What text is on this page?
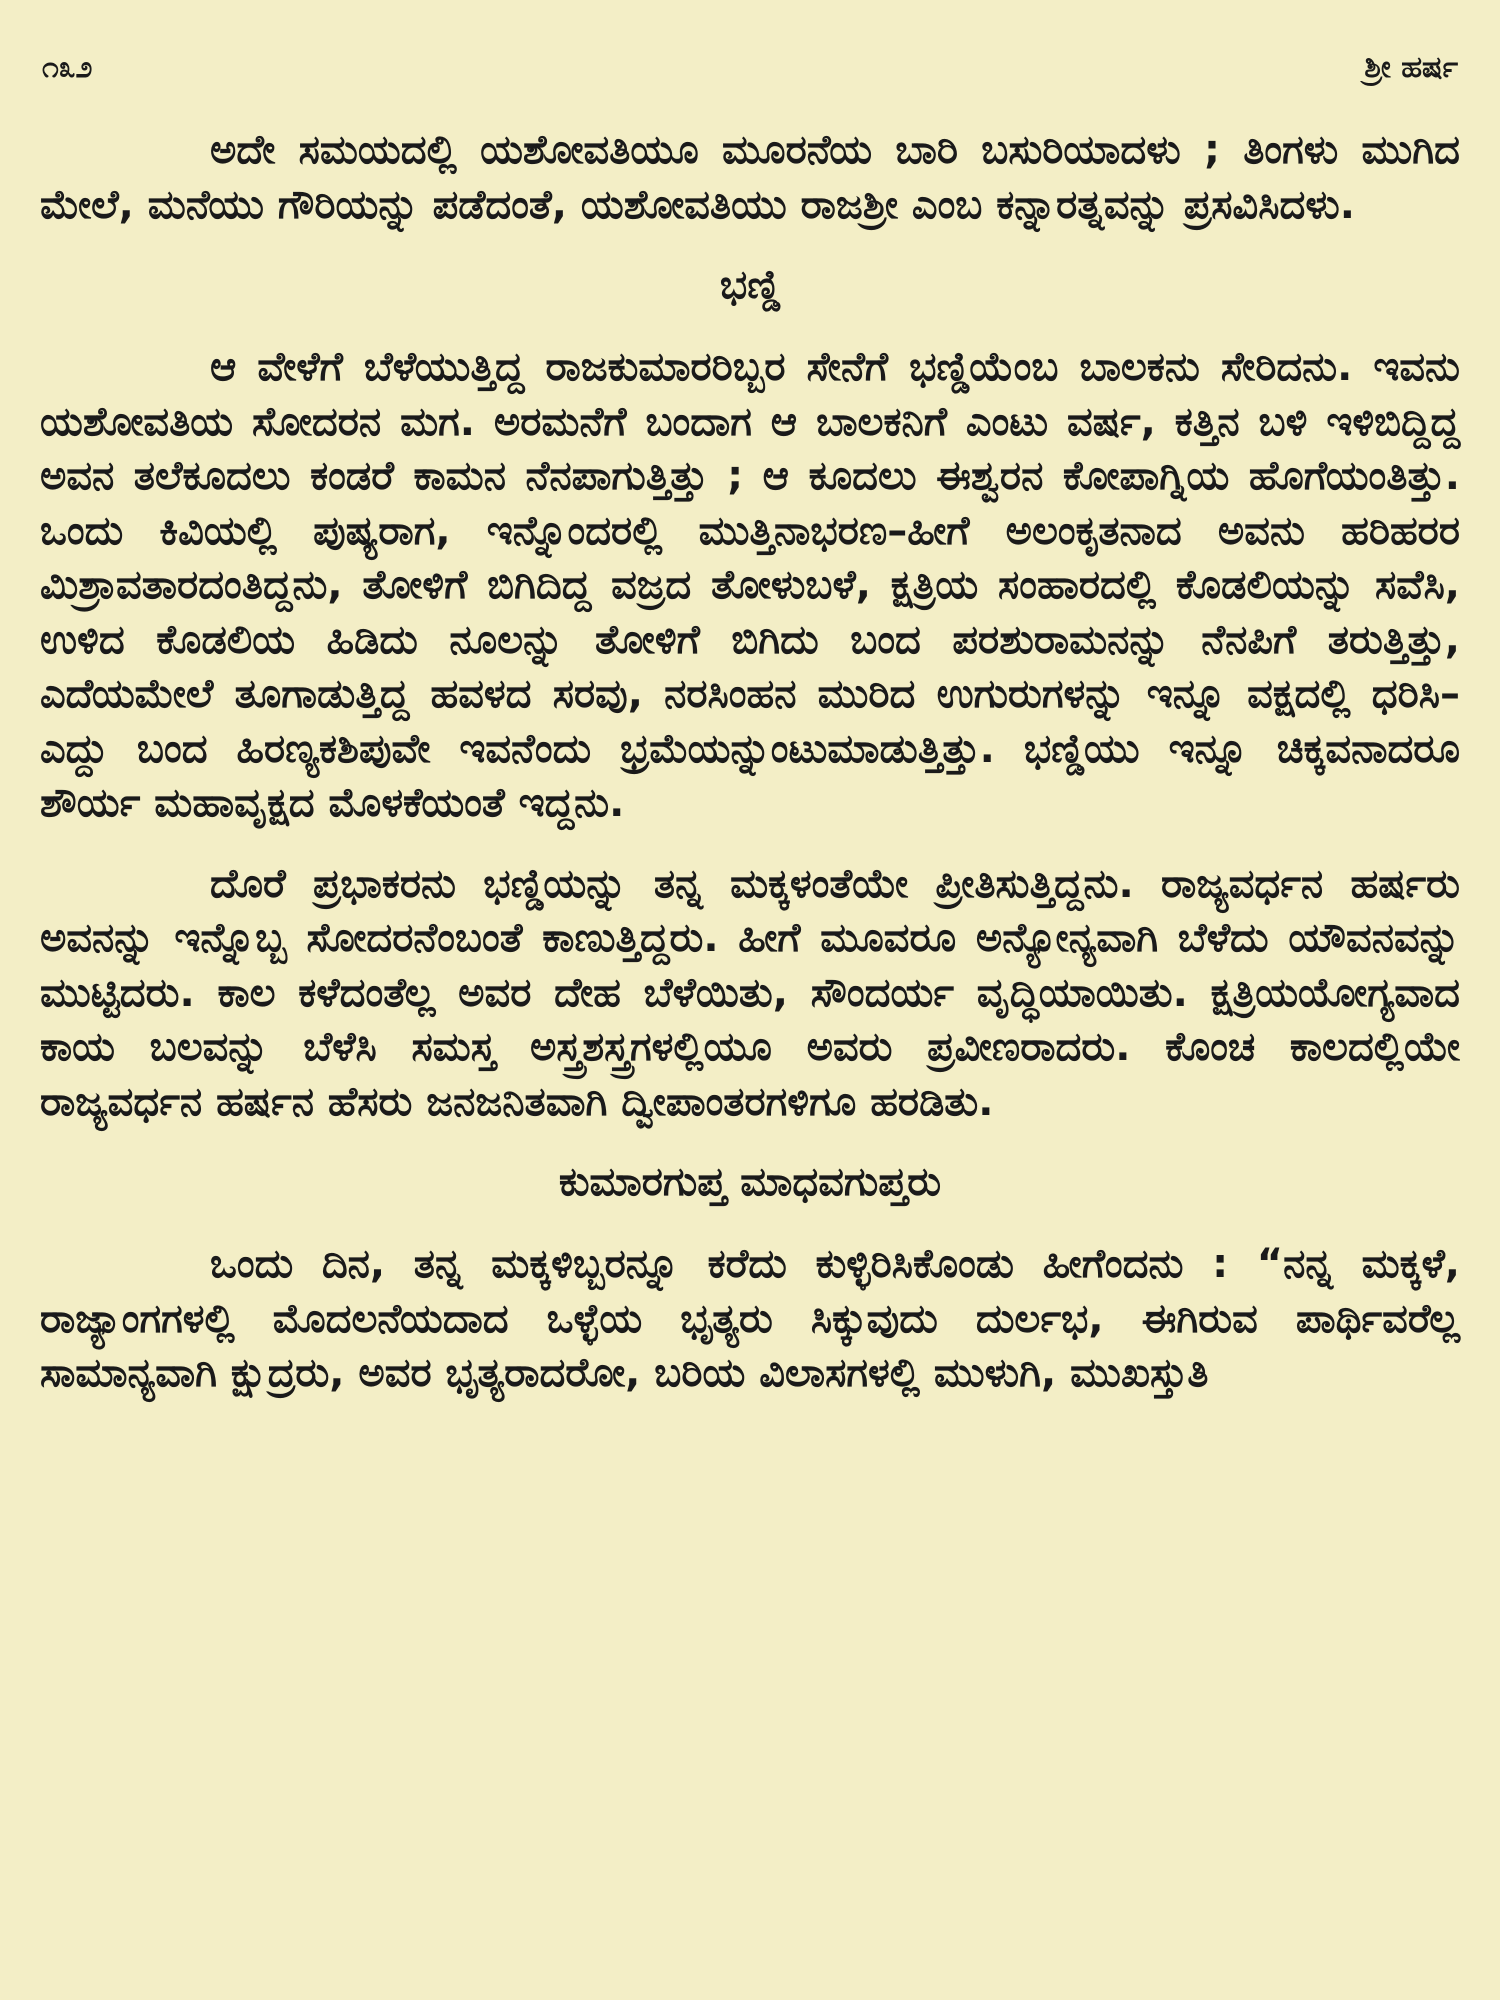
೧೩೨	ಶ್ರೀ ಹರ್ಷ

ಅದೇ ಸಮಯದಲ್ಲಿ ಯಶೋವತಿಯೂ ಮೂರನೆಯ ಬಾರಿ ಬಸುರಿಯಾದಳು ; ತಿಂಗಳು ಮುಗಿದ ಮೇಲೆ, ಮನೆಯು ಗೌರಿಯನ್ನು ಪಡೆದಂತೆ, ಯಶೋವತಿಯು ರಾಜಶ್ರೀ ಎಂಬ ಕನ್ನಾರತ್ನವನ್ನು ಪ್ರಸವಿಸಿದಳು.

ಭಣ್ಡಿ

ಆ ವೇಳೆಗೆ ಬೆಳೆಯುತ್ತಿದ್ದ ರಾಜಕುಮಾರರಿಬ್ಬರ ಸೇನೆಗೆ ಭಣ್ಡಿಯೆಂಬ ಬಾಲಕನು ಸೇರಿದನು. ಇವನು ಯಶೋವತಿಯ ಸೋದರನ ಮಗ. ಅರಮನೆಗೆ ಬಂದಾಗ ಆ ಬಾಲಕನಿಗೆ ಎಂಟು ವರ್ಷ, ಕತ್ತಿನ ಬಳಿ ಇಳಿಬಿದ್ದಿದ್ದ ಅವನ ತಲೆಕೂದಲು ಕಂಡರೆ ಕಾಮನ ನೆನಪಾಗುತ್ತಿತ್ತು ; ಆ ಕೂದಲು ಈಶ್ವರನ ಕೋಪಾಗ್ನಿಯ ಹೊಗೆಯಂತಿತ್ತು. ಒಂದು ಕಿವಿಯಲ್ಲಿ ಪುಷ್ಯರಾಗ, ಇನ್ನೊಂದರಲ್ಲಿ ಮುತ್ತಿನಾಭರಣ–ಹೀಗೆ ಅಲಂಕೃತನಾದ ಅವನು ಹರಿಹರರ ಮಿಶ್ರಾವತಾರದಂತಿದ್ದನು, ತೋಳಿಗೆ ಬಿಗಿದಿದ್ದ ವಜ್ರದ ತೋಳುಬಳೆ, ಕ್ಷತ್ರಿಯ ಸಂಹಾರದಲ್ಲಿ ಕೊಡಲಿಯನ್ನು ಸವೆಸಿ, ಉಳಿದ ಕೊಡಲಿಯ ಹಿಡಿದು ನೂಲನ್ನು ತೋಳಿಗೆ ಬಿಗಿದು ಬಂದ ಪರಶುರಾಮನನ್ನು ನೆನಪಿಗೆ ತರುತ್ತಿತ್ತು, ಎದೆಯಮೇಲೆ ತೂಗಾಡುತ್ತಿದ್ದ ಹವಳದ ಸರವು, ನರಸಿಂಹನ ಮುರಿದ ಉಗುರುಗಳನ್ನು ಇನ್ನೂ ವಕ್ಷದಲ್ಲಿ ಧರಿಸಿ–ಎದ್ದು ಬಂದ ಹಿರಣ್ಯಕಶಿಪುವೇ ಇವನೆಂದು ಭ್ರಮೆಯನ್ನುಂಟುಮಾಡುತ್ತಿತ್ತು. ಭಣ್ಡಿಯು ಇನ್ನೂ ಚಿಕ್ಕವನಾದರೂ ಶೌರ್ಯ ಮಹಾವೃಕ್ಷದ ಮೊಳಕೆಯಂತೆ ಇದ್ದನು.

ದೊರೆ ಪ್ರಭಾಕರನು ಭಣ್ಡಿಯನ್ನು ತನ್ನ ಮಕ್ಕಳಂತೆಯೇ ಪ್ರೀತಿಸುತ್ತಿದ್ದನು. ರಾಜ್ಯವರ್ಧನ ಹರ್ಷರು ಅವನನ್ನು ಇನ್ನೊಬ್ಬ ಸೋದರನೆಂಬಂತೆ ಕಾಣುತ್ತಿದ್ದರು. ಹೀಗೆ ಮೂವರೂ ಅನ್ಯೋನ್ಯವಾಗಿ ಬೆಳೆದು ಯೌವನವನ್ನು ಮುಟ್ಟಿದರು. ಕಾಲ ಕಳೆದಂತೆಲ್ಲ ಅವರ ದೇಹ ಬೆಳೆಯಿತು, ಸೌಂದರ್ಯ ವೃದ್ಧಿಯಾಯಿತು. ಕ್ಷತ್ರಿಯಯೋಗ್ಯವಾದ ಕಾಯ ಬಲವನ್ನು ಬೆಳೆಸಿ ಸಮಸ್ತ ಅಸ್ತ್ರಶಸ್ತ್ರಗಳಲ್ಲಿಯೂ ಅವರು ಪ್ರವೀಣರಾದರು. ಕೊಂಚ ಕಾಲದಲ್ಲಿಯೇ ರಾಜ್ಯವರ್ಧನ ಹರ್ಷನ ಹೆಸರು ಜನಜನಿತವಾಗಿ ದ್ವೀಪಾಂತರಗಳಿಗೂ ಹರಡಿತು.

ಕುಮಾರಗುಪ್ತ ಮಾಧವಗುಪ್ತರು

ಒಂದು ದಿನ, ತನ್ನ ಮಕ್ಕಳಿಬ್ಬರನ್ನೂ ಕರೆದು ಕುಳ್ಳಿರಿಸಿಕೊಂಡು ಹೀಗೆಂದನು : “ನನ್ನ ಮಕ್ಕಳೆ, ರಾಜ್ಯಾಂಗಗಳಲ್ಲಿ ಮೊದಲನೆಯದಾದ ಒಳ್ಳೆಯ ಭೃತ್ಯರು ಸಿಕ್ಕುವುದು ದುರ್ಲಭ, ಈಗಿರುವ ಪಾರ್ಥಿವರೆಲ್ಲ ಸಾಮಾನ್ಯವಾಗಿ ಕ್ಷುದ್ರರು, ಅವರ ಭೃತ್ಯರಾದರೋ, ಬರಿಯ ವಿಲಾಸಗಳಲ್ಲಿ ಮುಳುಗಿ, ಮುಖಸ್ತುತಿ
